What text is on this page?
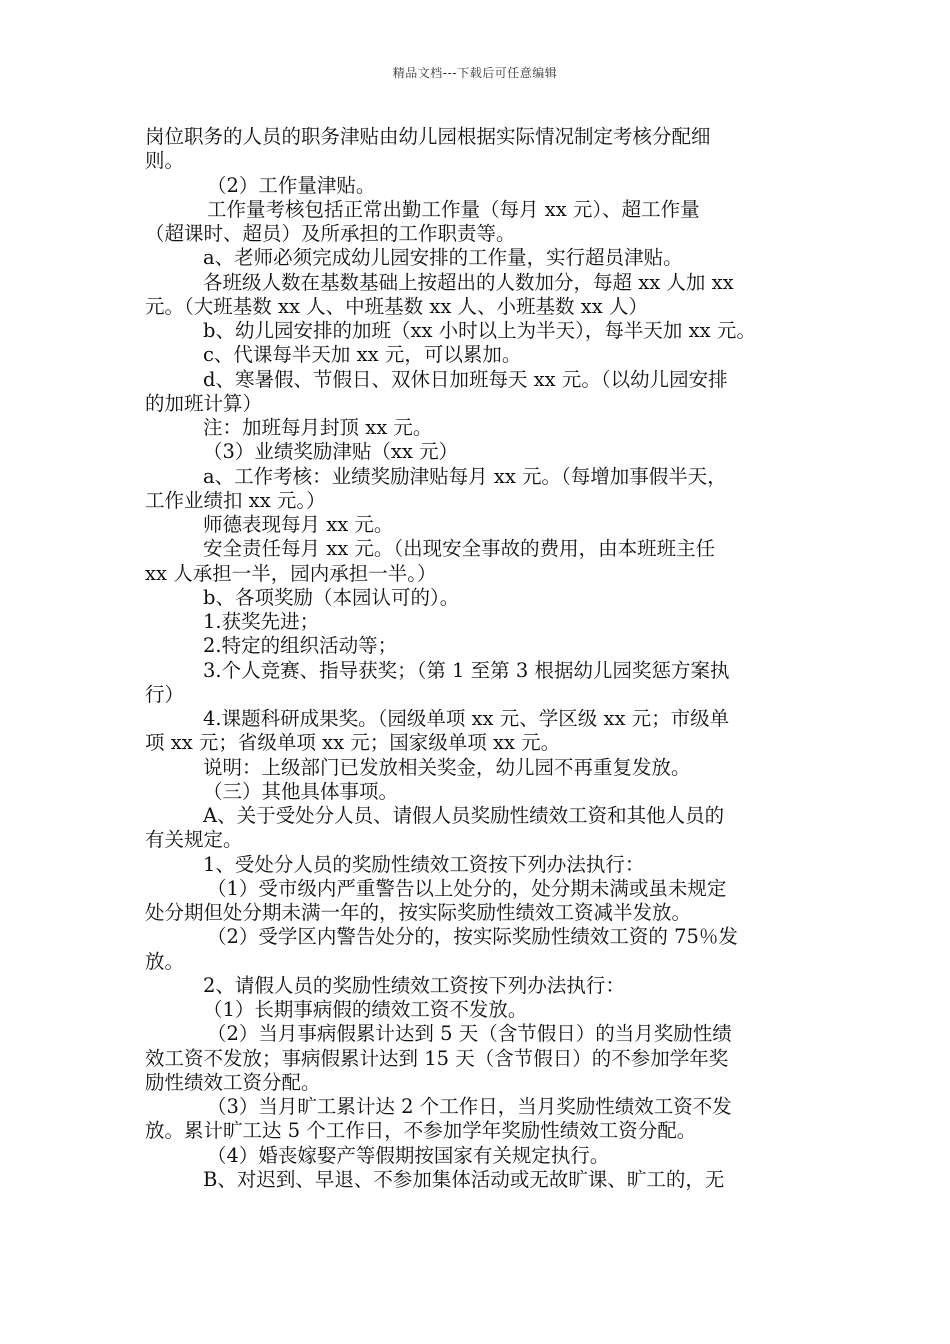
精品文档---下载后可任意编辑
岗位职务的人员的职务津贴由幼儿园根据实际情况制定考核分配细
则。
（2）工作量津贴。
工作量考核包括正常出勤工作量（每月 xx 元）、超工作量
（超课时、超员）及所承担的工作职责等。
a、老师必须完成幼儿园安排的工作量，实行超员津贴。
各班级人数在基数基础上按超出的人数加分，每超 xx 人加 xx
元。（大班基数 xx 人、中班基数 xx 人、小班基数 xx 人）
b、幼儿园安排的加班（xx 小时以上为半天），每半天加 xx 元。
c、代课每半天加 xx 元，可以累加。
d、寒暑假、节假日、双休日加班每天 xx 元。（以幼儿园安排
的加班计算）
注：加班每月封顶 xx 元。
（3）业绩奖励津贴（xx 元）
a、工作考核：业绩奖励津贴每月 xx 元。（每增加事假半天，
工作业绩扣 xx 元。）
师德表现每月 xx 元。
安全责任每月 xx 元。（出现安全事故的费用，由本班班主任
xx 人承担一半，园内承担一半。）
b、各项奖励（本园认可的）。
1.获奖先进；
2.特定的组织活动等；
3.个人竞赛、指导获奖；（第 1 至第 3 根据幼儿园奖惩方案执
行）
4.课题科研成果奖。（园级单项 xx 元、学区级 xx 元；市级单
项 xx 元；省级单项 xx 元；国家级单项 xx 元。
说明：上级部门已发放相关奖金，幼儿园不再重复发放。
（三）其他具体事项。
A、关于受处分人员、请假人员奖励性绩效工资和其他人员的
有关规定。
1、受处分人员的奖励性绩效工资按下列办法执行：
（1）受市级内严重警告以上处分的，处分期未满或虽未规定
处分期但处分期未满一年的，按实际奖励性绩效工资减半发放。
（2）受学区内警告处分的，按实际奖励性绩效工资的 75％发
放。
2、请假人员的奖励性绩效工资按下列办法执行：
（1）长期事病假的绩效工资不发放。
（2）当月事病假累计达到 5 天（含节假日）的当月奖励性绩
效工资不发放；事病假累计达到 15 天（含节假日）的不参加学年奖
励性绩效工资分配。
（3）当月旷工累计达 2 个工作日，当月奖励性绩效工资不发
放。累计旷工达 5 个工作日，不参加学年奖励性绩效工资分配。
（4）婚丧嫁娶产等假期按国家有关规定执行。
B、对迟到、早退、不参加集体活动或无故旷课、旷工的，无
